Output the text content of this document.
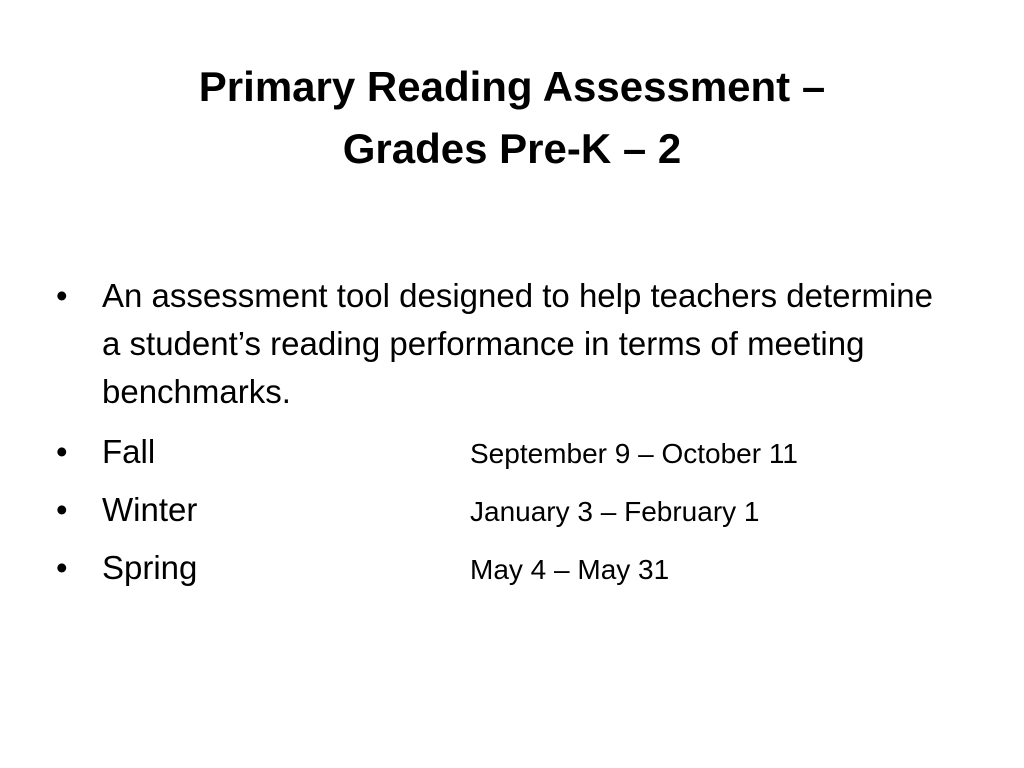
Primary Reading Assessment –
Grades Pre-K – 2
•	An assessment tool designed to help teachers determine a student’s reading performance in terms of meeting benchmarks.
•	Fall	September 9 – October 11
•	Winter	January 3 – February 1
•	Spring	May 4 – May 31
